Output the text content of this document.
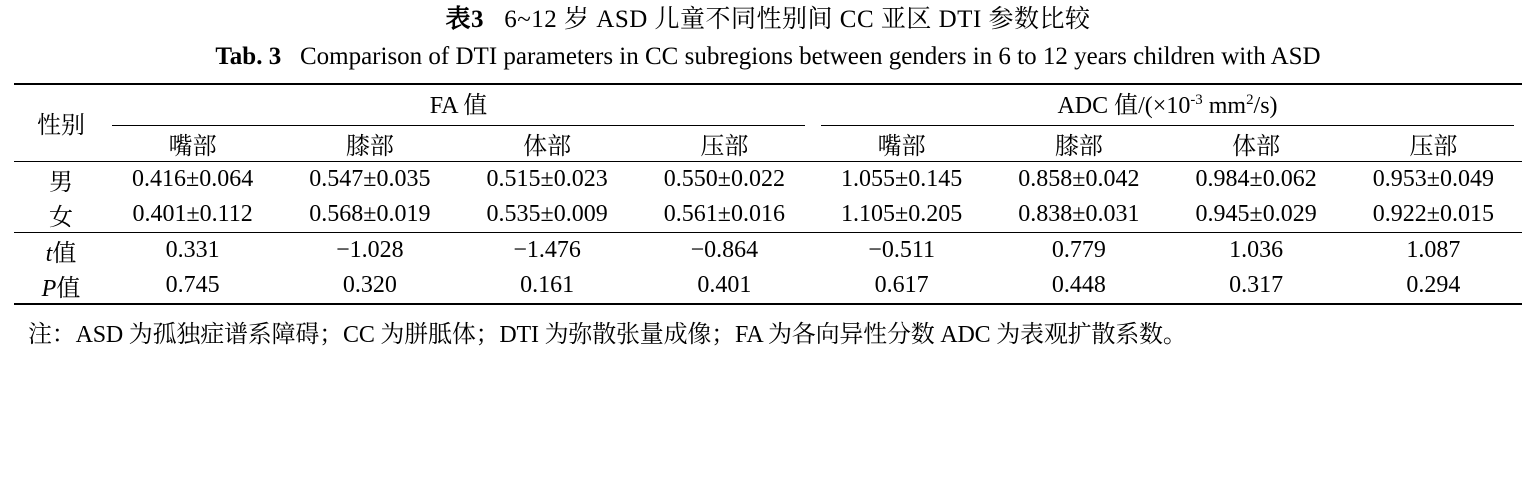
表3 6~12 岁 ASD 儿童不同性别间 CC 亚区 DTI 参数比较
Tab. 3 Comparison of DTI parameters in CC subregions between genders in 6 to 12 years children with ASD
性别	FA 值				ADC 值$/(\times 10^{-3}$ $mm^2/s$)			

	嘴部	膝部	体部	压部	嘴部	膝部	体部	压部
男	0.416±0.064	0.547±0.035	0.515±0.023	0.550±0.022	1.055±0.145	0.858±0.042	0.984±0.062	0.953±0.049
女	0.401±0.112	0.568±0.019	0.535±0.009	0.561±0.016	1.105±0.205	0.838±0.031	0.945±0.029	0.922±0.015
t值	0.331	−1.028	−1.476	−0.864	−0.511	0.779	1.036	1.087
P值	0.745	0.320	0.161	0.401	0.617	0.448	0.317	0.294
注：ASD 为孤独症谱系障碍；CC 为胼胝体；DTI 为弥散张量成像；FA 为各向异性分数 ADC 为表观扩散系数。
